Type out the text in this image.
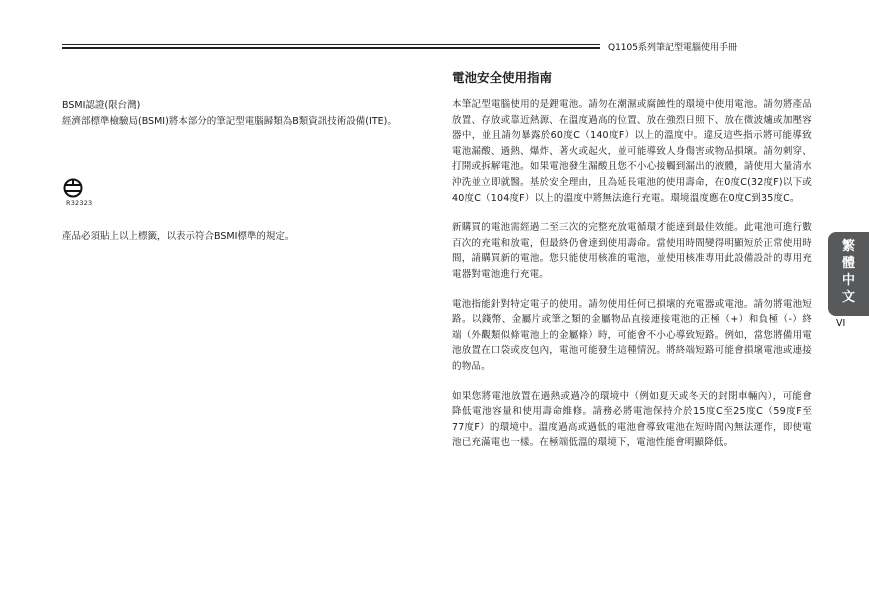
Q1105系列筆記型電腦使用手冊

BSMI認證(限台灣)

經濟部標準檢驗局(BSMI)將本部分的筆記型電腦歸類為B類資訊技術設備(ITE)。

R32323
產品必須貼上以上標籤，以表示符合BSMI標準的規定。
電池安全使用指南

本筆記型電腦使用的是鋰電池。請勿在潮濕或腐蝕性的環境中使用電池。請勿將產品放置、存放或靠近熱源、在溫度過高的位置、放在強烈日照下、放在微波爐或加壓容器中，並且請勿暴露於60度C（140度F）以上的溫度中。違反這些指示將可能導致電池漏酸、過熱、爆炸、著火或起火，並可能導致人身傷害或物品損壞。請勿刺穿、打開或拆解電池。如果電池發生漏酸且您不小心接觸到漏出的液體，請使用大量清水沖洗並立即就醫。基於安全理由，且為延長電池的使用壽命，在0度C(32度F)以下或40度C（104度F）以上的溫度中將無法進行充電。環境溫度應在0度C到35度C。

新購買的電池需經過二至三次的完整充放電循環才能達到最佳效能。此電池可進行數百次的充電和放電，但最終仍會達到使用壽命。當使用時間變得明顯短於正常使用時間，請購買新的電池。您只能使用核准的電池，並使用核准專用此設備設計的專用充電器對電池進行充電。

電池指能針對特定電子的使用。請勿使用任何已損壞的充電器或電池。請勿將電池短路。以錢幣、金屬片或筆之類的金屬物品直接連接電池的正極（+）和負極（-）終端（外觀類似條電池上的金屬條）時，可能會不小心導致短路。例如，當您將備用電池放置在口袋或皮包內，電池可能發生這種情況。將終端短路可能會損壞電池或連接的物品。

如果您將電池放置在過熱或過冷的環境中（例如夏天或冬天的封閉車輛內），可能會降低電池容量和使用壽命維修。請務必將電池保持介於15度C至25度C（59度F至77度F）的環境中。溫度過高或過低的電池會導致電池在短時間內無法運作，即使電池已充滿電也一樣。在極端低溫的環境下，電池性能會明顯降低。

繁
體
中
文
VI
